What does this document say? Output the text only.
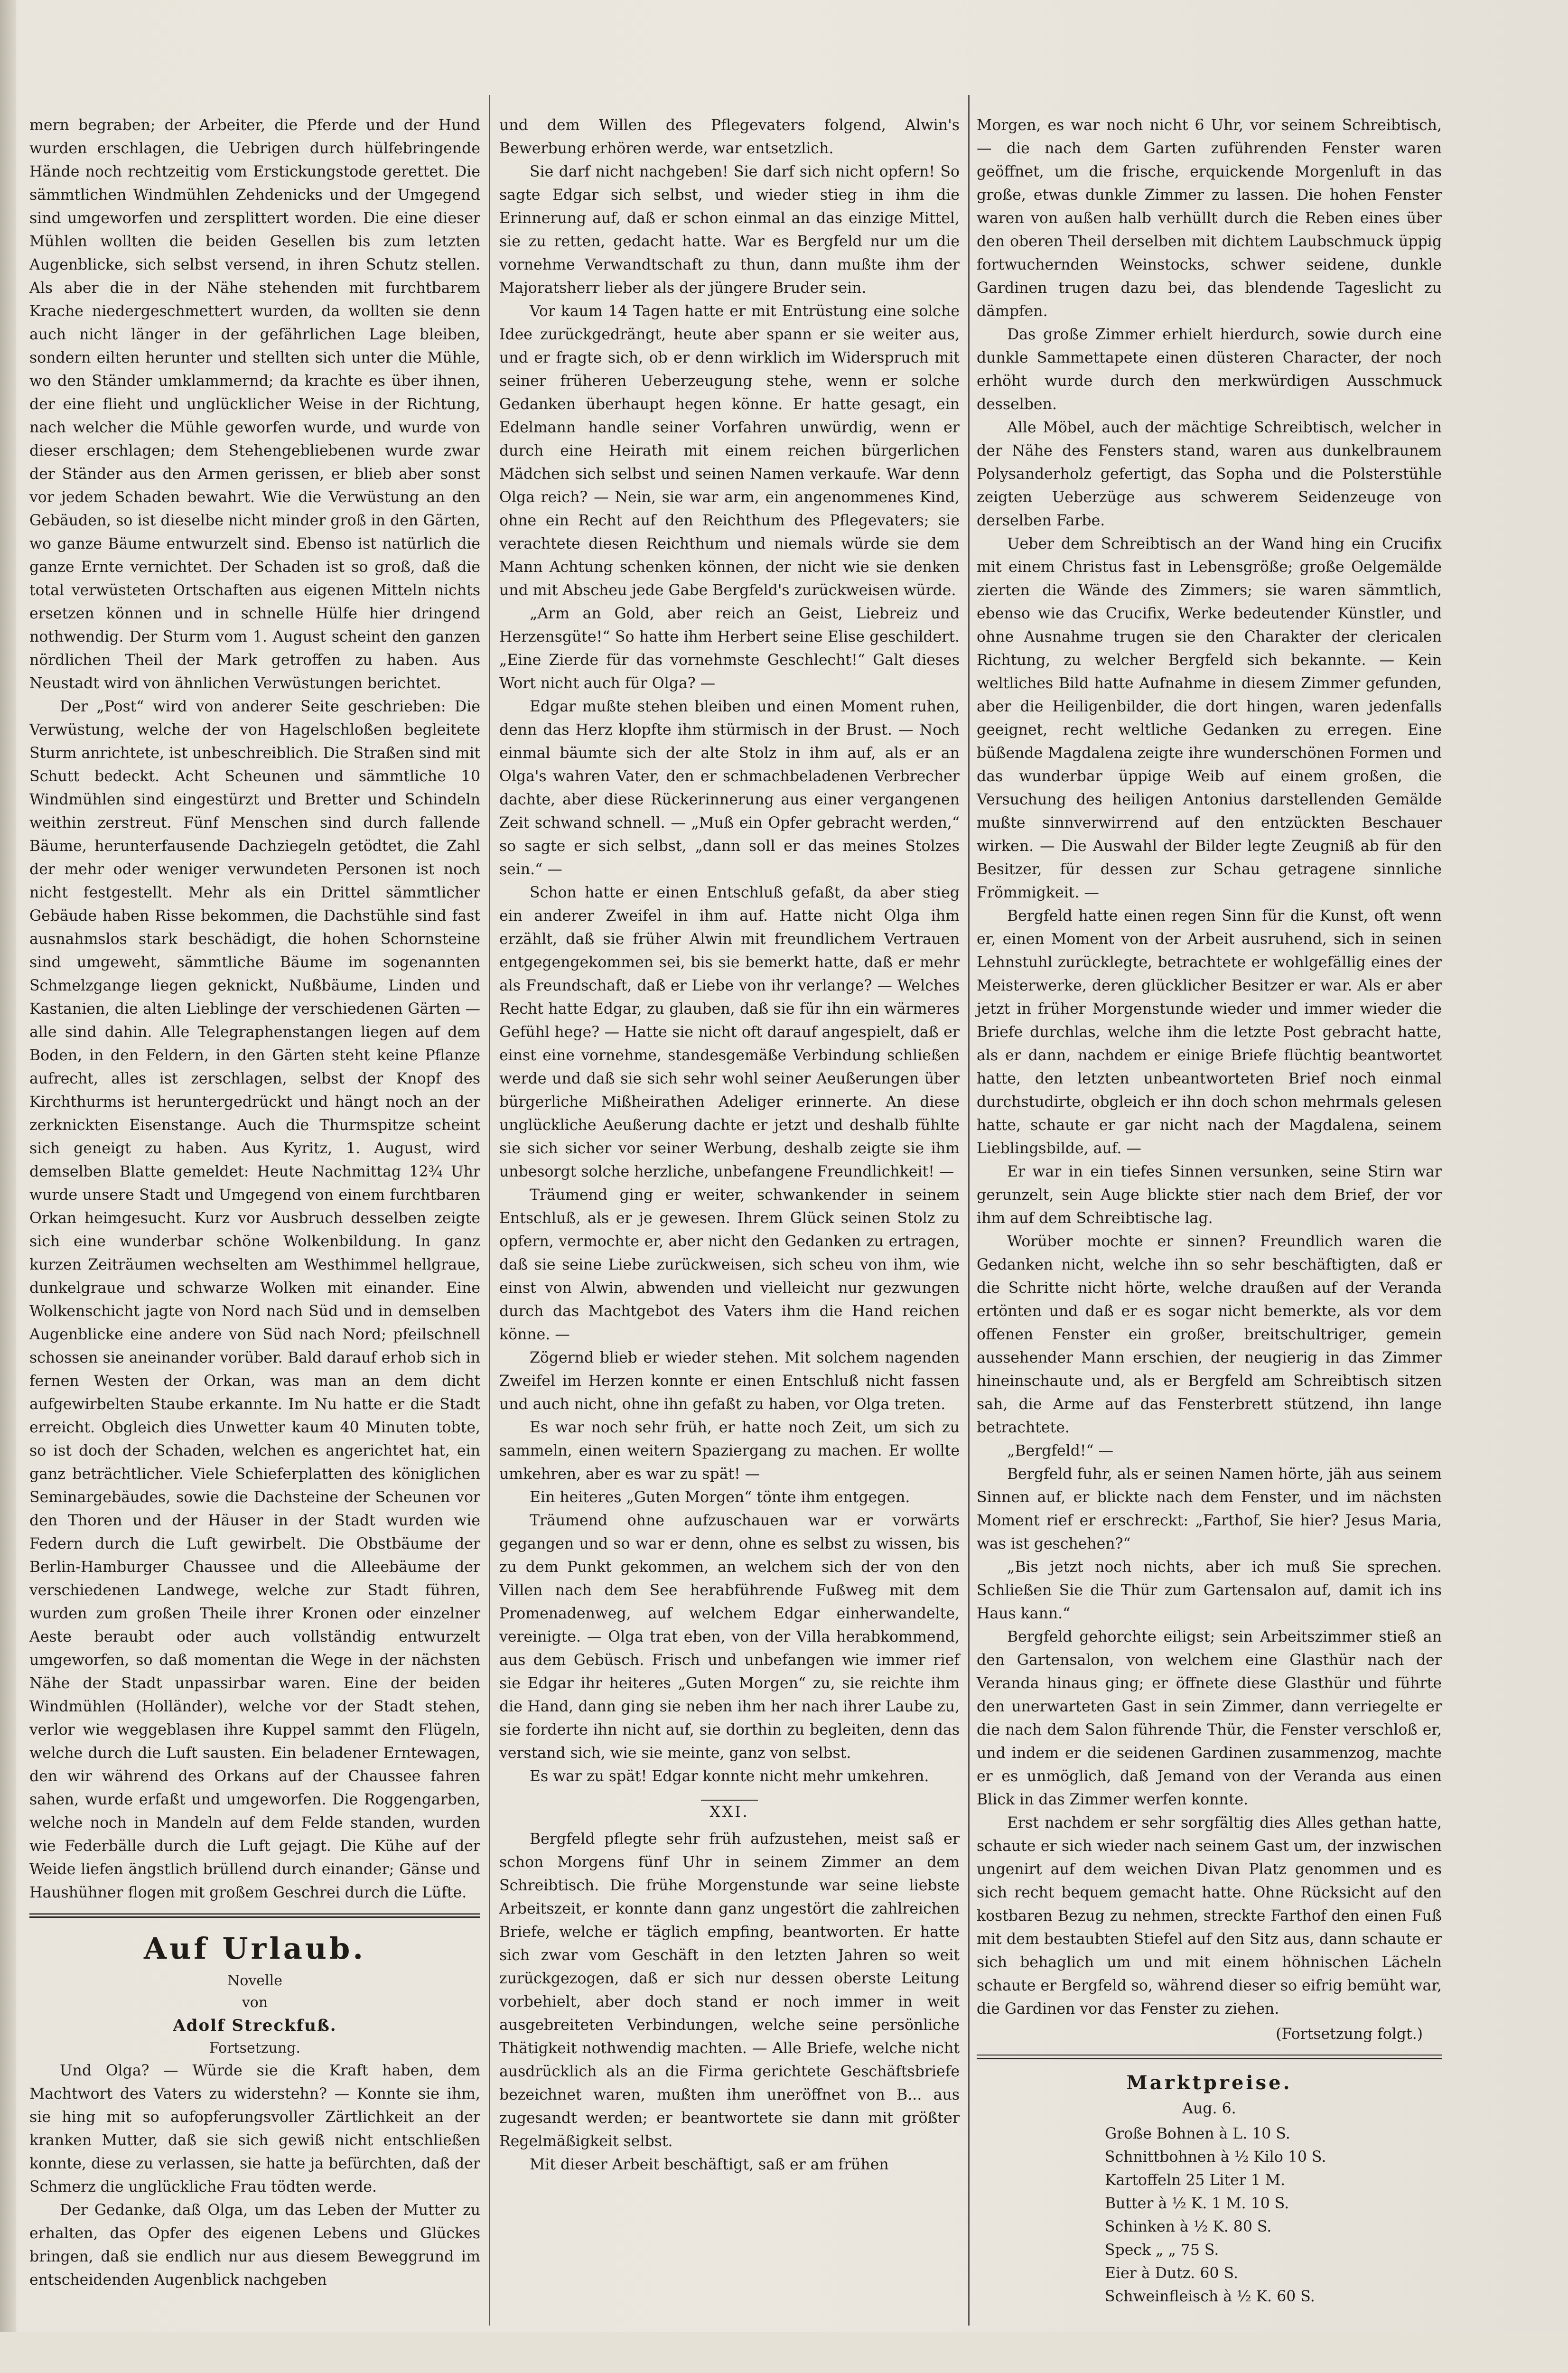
mern begraben; der Arbeiter, die Pferde und der Hund wurden erschlagen, die Uebrigen durch hülfebringende Hände noch rechtzeitig vom Erstickungstode gerettet. Die sämmtlichen Windmühlen Zehdenicks und der Umgegend sind umgeworfen und zersplittert worden. Die eine dieser Mühlen wollten die beiden Gesellen bis zum letzten Augenblicke, sich selbst versend, in ihren Schutz stellen. Als aber die in der Nähe stehenden mit furchtbarem Krache niedergeschmettert wurden, da wollten sie denn auch nicht länger in der gefährlichen Lage bleiben, sondern eilten herunter und stellten sich unter die Mühle, wo den Ständer umklammernd; da krachte es über ihnen, der eine flieht und unglücklicher Weise in der Richtung, nach welcher die Mühle geworfen wurde, und wurde von dieser erschlagen; dem Stehengebliebenen wurde zwar der Ständer aus den Armen gerissen, er blieb aber sonst vor jedem Schaden bewahrt. Wie die Verwüstung an den Gebäuden, so ist dieselbe nicht minder groß in den Gärten, wo ganze Bäume entwurzelt sind. Ebenso ist natürlich die ganze Ernte vernichtet. Der Schaden ist so groß, daß die total verwüsteten Ortschaften aus eigenen Mitteln nichts ersetzen können und in schnelle Hülfe hier dringend nothwendig. Der Sturm vom 1. August scheint den ganzen nördlichen Theil der Mark getroffen zu haben. Aus Neustadt wird von ähnlichen Verwüstungen berichtet.

Der „Post“ wird von anderer Seite geschrieben: Die Verwüstung, welche der von Hagelschloßen begleitete Sturm anrichtete, ist unbeschreiblich. Die Straßen sind mit Schutt bedeckt. Acht Scheunen und sämmtliche 10 Windmühlen sind eingestürzt und Bretter und Schindeln weithin zerstreut. Fünf Menschen sind durch fallende Bäume, herunterfausende Dachziegeln getödtet, die Zahl der mehr oder weniger verwundeten Personen ist noch nicht festgestellt. Mehr als ein Drittel sämmtlicher Gebäude haben Risse bekommen, die Dachstühle sind fast ausnahmslos stark beschädigt, die hohen Schornsteine sind umgeweht, sämmtliche Bäume im sogenannten Schmelzgange liegen geknickt, Nußbäume, Linden und Kastanien, die alten Lieblinge der verschiedenen Gärten — alle sind dahin. Alle Telegraphenstangen liegen auf dem Boden, in den Feldern, in den Gärten steht keine Pflanze aufrecht, alles ist zerschlagen, selbst der Knopf des Kirchthurms ist heruntergedrückt und hängt noch an der zerknickten Eisenstange. Auch die Thurmspitze scheint sich geneigt zu haben. Aus Kyritz, 1. August, wird demselben Blatte gemeldet: Heute Nachmittag 12¾ Uhr wurde unsere Stadt und Umgegend von einem furchtbaren Orkan heimgesucht. Kurz vor Ausbruch desselben zeigte sich eine wunderbar schöne Wolkenbildung. In ganz kurzen Zeiträumen wechselten am Westhimmel hellgraue, dunkelgraue und schwarze Wolken mit einander. Eine Wolkenschicht jagte von Nord nach Süd und in demselben Augenblicke eine andere von Süd nach Nord; pfeilschnell schossen sie aneinander vorüber. Bald darauf erhob sich in fernen Westen der Orkan, was man an dem dicht aufgewirbelten Staube erkannte. Im Nu hatte er die Stadt erreicht. Obgleich dies Unwetter kaum 40 Minuten tobte, so ist doch der Schaden, welchen es angerichtet hat, ein ganz beträchtlicher. Viele Schieferplatten des königlichen Seminargebäudes, sowie die Dachsteine der Scheunen vor den Thoren und der Häuser in der Stadt wurden wie Federn durch die Luft gewirbelt. Die Obstbäume der Berlin-Hamburger Chaussee und die Alleebäume der verschiedenen Landwege, welche zur Stadt führen, wurden zum großen Theile ihrer Kronen oder einzelner Aeste beraubt oder auch vollständig entwurzelt umgeworfen, so daß momentan die Wege in der nächsten Nähe der Stadt unpassirbar waren. Eine der beiden Windmühlen (Holländer), welche vor der Stadt stehen, verlor wie weggeblasen ihre Kuppel sammt den Flügeln, welche durch die Luft sausten. Ein beladener Erntewagen, den wir während des Orkans auf der Chaussee fahren sahen, wurde erfaßt und umgeworfen. Die Roggengarben, welche noch in Mandeln auf dem Felde standen, wurden wie Federbälle durch die Luft gejagt. Die Kühe auf der Weide liefen ängstlich brüllend durch einander; Gänse und Haushühner flogen mit großem Geschrei durch die Lüfte.

Auf Urlaub.
Novelle
von
Adolf Streckfuß.
Fortsetzung.

Und Olga? — Würde sie die Kraft haben, dem Machtwort des Vaters zu widerstehn? — Konnte sie ihm, sie hing mit so aufopferungsvoller Zärtlichkeit an der kranken Mutter, daß sie sich gewiß nicht entschließen konnte, diese zu verlassen, sie hatte ja befürchten, daß der Schmerz die unglückliche Frau tödten werde.

Der Gedanke, daß Olga, um das Leben der Mutter zu erhalten, das Opfer des eigenen Lebens und Glückes bringen, daß sie endlich nur aus diesem Beweggrund im entscheidenden Augenblick nachgeben

und dem Willen des Pflegevaters folgend, Alwin's Bewerbung erhören werde, war entsetzlich.

Sie darf nicht nachgeben! Sie darf sich nicht opfern! So sagte Edgar sich selbst, und wieder stieg in ihm die Erinnerung auf, daß er schon einmal an das einzige Mittel, sie zu retten, gedacht hatte. War es Bergfeld nur um die vornehme Verwandtschaft zu thun, dann mußte ihm der Majoratsherr lieber als der jüngere Bruder sein.

Vor kaum 14 Tagen hatte er mit Entrüstung eine solche Idee zurückgedrängt, heute aber spann er sie weiter aus, und er fragte sich, ob er denn wirklich im Widerspruch mit seiner früheren Ueberzeugung stehe, wenn er solche Gedanken überhaupt hegen könne. Er hatte gesagt, ein Edelmann handle seiner Vorfahren unwürdig, wenn er durch eine Heirath mit einem reichen bürgerlichen Mädchen sich selbst und seinen Namen verkaufe. War denn Olga reich? — Nein, sie war arm, ein angenommenes Kind, ohne ein Recht auf den Reichthum des Pflegevaters; sie verachtete diesen Reichthum und niemals würde sie dem Mann Achtung schenken können, der nicht wie sie denken und mit Abscheu jede Gabe Bergfeld's zurückweisen würde.

„Arm an Gold, aber reich an Geist, Liebreiz und Herzensgüte!“ So hatte ihm Herbert seine Elise geschildert. „Eine Zierde für das vornehmste Geschlecht!“ Galt dieses Wort nicht auch für Olga? —

Edgar mußte stehen bleiben und einen Moment ruhen, denn das Herz klopfte ihm stürmisch in der Brust. — Noch einmal bäumte sich der alte Stolz in ihm auf, als er an Olga's wahren Vater, den er schmachbeladenen Verbrecher dachte, aber diese Rückerinnerung aus einer vergangenen Zeit schwand schnell. — „Muß ein Opfer gebracht werden,“ so sagte er sich selbst, „dann soll er das meines Stolzes sein.“ —

Schon hatte er einen Entschluß gefaßt, da aber stieg ein anderer Zweifel in ihm auf. Hatte nicht Olga ihm erzählt, daß sie früher Alwin mit freundlichem Vertrauen entgegengekommen sei, bis sie bemerkt hatte, daß er mehr als Freundschaft, daß er Liebe von ihr verlange? — Welches Recht hatte Edgar, zu glauben, daß sie für ihn ein wärmeres Gefühl hege? — Hatte sie nicht oft darauf angespielt, daß er einst eine vornehme, standesgemäße Verbindung schließen werde und daß sie sich sehr wohl seiner Aeußerungen über bürgerliche Mißheirathen Adeliger erinnerte. An diese unglückliche Aeußerung dachte er jetzt und deshalb fühlte sie sich sicher vor seiner Werbung, deshalb zeigte sie ihm unbesorgt solche herzliche, unbefangene Freundlichkeit! —

Träumend ging er weiter, schwankender in seinem Entschluß, als er je gewesen. Ihrem Glück seinen Stolz zu opfern, vermochte er, aber nicht den Gedanken zu ertragen, daß sie seine Liebe zurückweisen, sich scheu von ihm, wie einst von Alwin, abwenden und vielleicht nur gezwungen durch das Machtgebot des Vaters ihm die Hand reichen könne. —

Zögernd blieb er wieder stehen. Mit solchem nagenden Zweifel im Herzen konnte er einen Entschluß nicht fassen und auch nicht, ohne ihn gefaßt zu haben, vor Olga treten.

Es war noch sehr früh, er hatte noch Zeit, um sich zu sammeln, einen weitern Spaziergang zu machen. Er wollte umkehren, aber es war zu spät! —

Ein heiteres „Guten Morgen“ tönte ihm entgegen.

Träumend ohne aufzuschauen war er vorwärts gegangen und so war er denn, ohne es selbst zu wissen, bis zu dem Punkt gekommen, an welchem sich der von den Villen nach dem See herabführende Fußweg mit dem Promenadenweg, auf welchem Edgar einherwandelte, vereinigte. — Olga trat eben, von der Villa herabkommend, aus dem Gebüsch. Frisch und unbefangen wie immer rief sie Edgar ihr heiteres „Guten Morgen“ zu, sie reichte ihm die Hand, dann ging sie neben ihm her nach ihrer Laube zu, sie forderte ihn nicht auf, sie dorthin zu begleiten, denn das verstand sich, wie sie meinte, ganz von selbst.

Es war zu spät! Edgar konnte nicht mehr umkehren.

XXI.

Bergfeld pflegte sehr früh aufzustehen, meist saß er schon Morgens fünf Uhr in seinem Zimmer an dem Schreibtisch. Die frühe Morgenstunde war seine liebste Arbeitszeit, er konnte dann ganz ungestört die zahlreichen Briefe, welche er täglich empfing, beantworten. Er hatte sich zwar vom Geschäft in den letzten Jahren so weit zurückgezogen, daß er sich nur dessen oberste Leitung vorbehielt, aber doch stand er noch immer in weit ausgebreiteten Verbindungen, welche seine persönliche Thätigkeit nothwendig machten. — Alle Briefe, welche nicht ausdrücklich als an die Firma gerichtete Geschäftsbriefe bezeichnet waren, mußten ihm uneröffnet von B... aus zugesandt werden; er beantwortete sie dann mit größter Regelmäßigkeit selbst.

Mit dieser Arbeit beschäftigt, saß er am frühen

Morgen, es war noch nicht 6 Uhr, vor seinem Schreibtisch, — die nach dem Garten zuführenden Fenster waren geöffnet, um die frische, erquickende Morgenluft in das große, etwas dunkle Zimmer zu lassen. Die hohen Fenster waren von außen halb verhüllt durch die Reben eines über den oberen Theil derselben mit dichtem Laubschmuck üppig fortwuchernden Weinstocks, schwer seidene, dunkle Gardinen trugen dazu bei, das blendende Tageslicht zu dämpfen.

Das große Zimmer erhielt hierdurch, sowie durch eine dunkle Sammettapete einen düsteren Character, der noch erhöht wurde durch den merkwürdigen Ausschmuck desselben.

Alle Möbel, auch der mächtige Schreibtisch, welcher in der Nähe des Fensters stand, waren aus dunkelbraunem Polysanderholz gefertigt, das Sopha und die Polsterstühle zeigten Ueberzüge aus schwerem Seidenzeuge von derselben Farbe.

Ueber dem Schreibtisch an der Wand hing ein Crucifix mit einem Christus fast in Lebensgröße; große Oelgemälde zierten die Wände des Zimmers; sie waren sämmtlich, ebenso wie das Crucifix, Werke bedeutender Künstler, und ohne Ausnahme trugen sie den Charakter der clericalen Richtung, zu welcher Bergfeld sich bekannte. — Kein weltliches Bild hatte Aufnahme in diesem Zimmer gefunden, aber die Heiligenbilder, die dort hingen, waren jedenfalls geeignet, recht weltliche Gedanken zu erregen. Eine büßende Magdalena zeigte ihre wunderschönen Formen und das wunderbar üppige Weib auf einem großen, die Versuchung des heiligen Antonius darstellenden Gemälde mußte sinnverwirrend auf den entzückten Beschauer wirken. — Die Auswahl der Bilder legte Zeugniß ab für den Besitzer, für dessen zur Schau getragene sinnliche Frömmigkeit. —

Bergfeld hatte einen regen Sinn für die Kunst, oft wenn er, einen Moment von der Arbeit ausruhend, sich in seinen Lehnstuhl zurücklegte, betrachtete er wohlgefällig eines der Meisterwerke, deren glücklicher Besitzer er war. Als er aber jetzt in früher Morgenstunde wieder und immer wieder die Briefe durchlas, welche ihm die letzte Post gebracht hatte, als er dann, nachdem er einige Briefe flüchtig beantwortet hatte, den letzten unbeantworteten Brief noch einmal durchstudirte, obgleich er ihn doch schon mehrmals gelesen hatte, schaute er gar nicht nach der Magdalena, seinem Lieblingsbilde, auf. —

Er war in ein tiefes Sinnen versunken, seine Stirn war gerunzelt, sein Auge blickte stier nach dem Brief, der vor ihm auf dem Schreibtische lag.

Worüber mochte er sinnen? Freundlich waren die Gedanken nicht, welche ihn so sehr beschäftigten, daß er die Schritte nicht hörte, welche draußen auf der Veranda ertönten und daß er es sogar nicht bemerkte, als vor dem offenen Fenster ein großer, breitschultriger, gemein aussehender Mann erschien, der neugierig in das Zimmer hineinschaute und, als er Bergfeld am Schreibtisch sitzen sah, die Arme auf das Fensterbrett stützend, ihn lange betrachtete.

„Bergfeld!“ —

Bergfeld fuhr, als er seinen Namen hörte, jäh aus seinem Sinnen auf, er blickte nach dem Fenster, und im nächsten Moment rief er erschreckt: „Farthof, Sie hier? Jesus Maria, was ist geschehen?“

„Bis jetzt noch nichts, aber ich muß Sie sprechen. Schließen Sie die Thür zum Gartensalon auf, damit ich ins Haus kann.“

Bergfeld gehorchte eiligst; sein Arbeitszimmer stieß an den Gartensalon, von welchem eine Glasthür nach der Veranda hinaus ging; er öffnete diese Glasthür und führte den unerwarteten Gast in sein Zimmer, dann verriegelte er die nach dem Salon führende Thür, die Fenster verschloß er, und indem er die seidenen Gardinen zusammenzog, machte er es unmöglich, daß Jemand von der Veranda aus einen Blick in das Zimmer werfen konnte.

Erst nachdem er sehr sorgfältig dies Alles gethan hatte, schaute er sich wieder nach seinem Gast um, der inzwischen ungenirt auf dem weichen Divan Platz genommen und es sich recht bequem gemacht hatte. Ohne Rücksicht auf den kostbaren Bezug zu nehmen, streckte Farthof den einen Fuß mit dem bestaubten Stiefel auf den Sitz aus, dann schaute er sich behaglich um und mit einem höhnischen Lächeln schaute er Bergfeld so, während dieser so eifrig bemüht war, die Gardinen vor das Fenster zu ziehen.

(Fortsetzung folgt.)
Marktpreise.
Aug. 6.
Große Bohnen à L. 10 S.
Schnittbohnen à ½ Kilo 10 S.
Kartoffeln 25 Liter 1 M.
Butter à ½ K. 1 M. 10 S.
Schinken à ½ K. 80 S.
Speck „ „ 75 S.
Eier à Dutz. 60 S.
Schweinfleisch à ½ K. 60 S.
